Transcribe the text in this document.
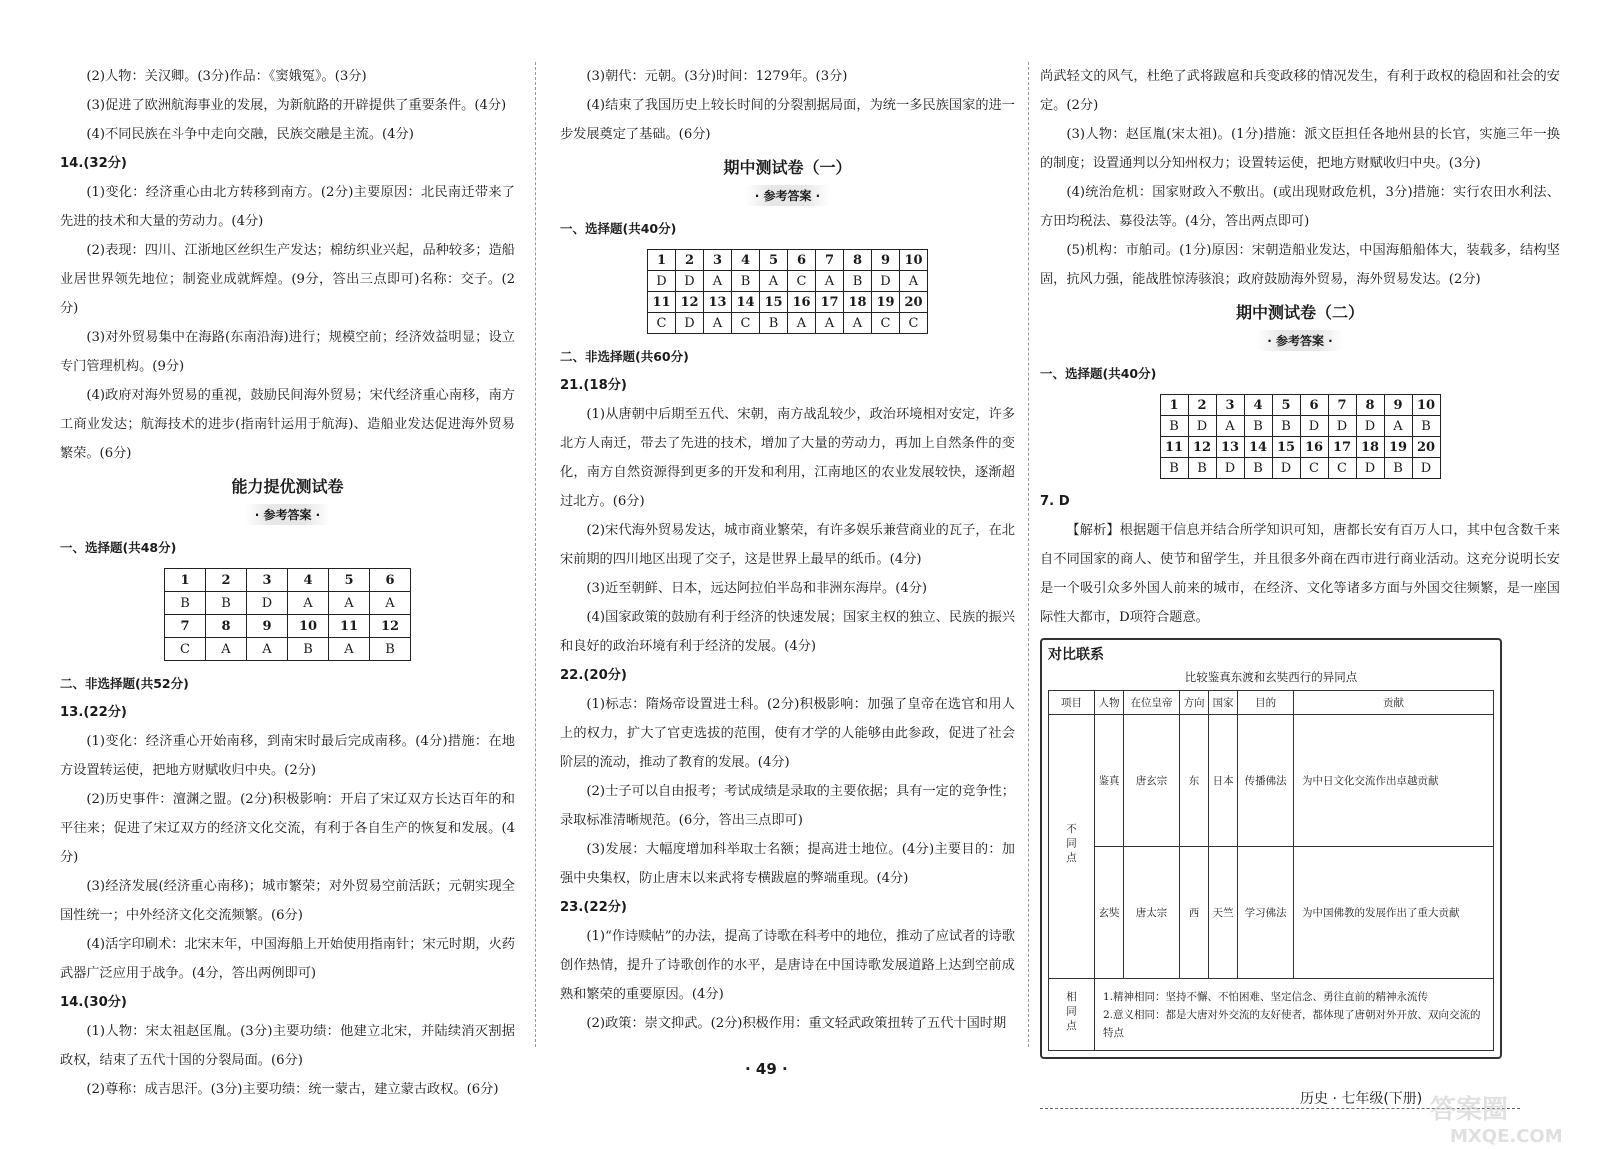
(2)人物：关汉卿。(3分)作品：《窦娥冤》。(3分)
(3)促进了欧洲航海事业的发展，为新航路的开辟提供了重要条件。(4分)
(4)不同民族在斗争中走向交融，民族交融是主流。(4分)
14.(32分)
(1)变化：经济重心由北方转移到南方。(2分)主要原因：北民南迁带来了先进的技术和大量的劳动力。(4分)
(2)表现：四川、江浙地区丝织生产发达；棉纺织业兴起，品种较多；造船业居世界领先地位；制瓷业成就辉煌。(9分，答出三点即可)名称：交子。(2分)
(3)对外贸易集中在海路(东南沿海)进行；规模空前；经济效益明显；设立专门管理机构。(9分)
(4)政府对海外贸易的重视，鼓励民间海外贸易；宋代经济重心南移，南方工商业发达；航海技术的进步(指南针运用于航海)、造船业发达促进海外贸易繁荣。(6分)
能力提优测试卷
· 参考答案 ·
一、选择题(共48分)
1	2	3	4	5	6
B	B	D	A	A	A
7	8	9	10	11	12
C	A	A	B	A	B
二、非选择题(共52分)
13.(22分)
(1)变化：经济重心开始南移，到南宋时最后完成南移。(4分)措施：在地方设置转运使，把地方财赋收归中央。(2分)
(2)历史事件：澶渊之盟。(2分)积极影响：开启了宋辽双方长达百年的和平往来；促进了宋辽双方的经济文化交流，有利于各自生产的恢复和发展。(4分)
(3)经济发展(经济重心南移)；城市繁荣；对外贸易空前活跃；元朝实现全国性统一；中外经济文化交流频繁。(6分)
(4)活字印刷术：北宋末年，中国海船上开始使用指南针；宋元时期，火药武器广泛应用于战争。(4分，答出两例即可)
14.(30分)
(1)人物：宋太祖赵匡胤。(3分)主要功绩：他建立北宋，并陆续消灭割据政权，结束了五代十国的分裂局面。(6分)
(2)尊称：成吉思汗。(3分)主要功绩：统一蒙古，建立蒙古政权。(6分)
(3)朝代：元朝。(3分)时间：1279年。(3分)
(4)结束了我国历史上较长时间的分裂割据局面，为统一多民族国家的进一步发展奠定了基础。(6分)
期中测试卷（一）
· 参考答案 ·
一、选择题(共40分)
1	2	3	4	5	6	7	8	9	10
D	D	A	B	A	C	A	B	D	A
11	12	13	14	15	16	17	18	19	20
C	D	A	C	B	A	A	A	C	C
二、非选择题(共60分)
21.(18分)
(1)从唐朝中后期至五代、宋朝，南方战乱较少，政治环境相对安定，许多北方人南迁，带去了先进的技术，增加了大量的劳动力，再加上自然条件的变化，南方自然资源得到更多的开发和利用，江南地区的农业发展较快，逐渐超过北方。(6分)
(2)宋代海外贸易发达，城市商业繁荣，有许多娱乐兼营商业的瓦子，在北宋前期的四川地区出现了交子，这是世界上最早的纸币。(4分)
(3)近至朝鲜、日本，远达阿拉伯半岛和非洲东海岸。(4分)
(4)国家政策的鼓励有利于经济的快速发展；国家主权的独立、民族的振兴和良好的政治环境有利于经济的发展。(4分)
22.(20分)
(1)标志：隋炀帝设置进士科。(2分)积极影响：加强了皇帝在选官和用人上的权力，扩大了官吏选拔的范围，使有才学的人能够由此参政，促进了社会阶层的流动，推动了教育的发展。(4分)
(2)士子可以自由报考；考试成绩是录取的主要依据；具有一定的竞争性；录取标准清晰规范。(6分，答出三点即可)
(3)发展：大幅度增加科举取士名额；提高进士地位。(4分)主要目的：加强中央集权，防止唐末以来武将专横跋扈的弊端重现。(4分)
23.(22分)
(1)“作诗赎帖”的办法，提高了诗歌在科考中的地位，推动了应试者的诗歌创作热情，提升了诗歌创作的水平，是唐诗在中国诗歌发展道路上达到空前成熟和繁荣的重要原因。(4分)
(2)政策：崇文抑武。(2分)积极作用：重文轻武政策扭转了五代十国时期
尚武轻文的风气，杜绝了武将跋扈和兵变政移的情况发生，有利于政权的稳固和社会的安定。(2分)
(3)人物：赵匡胤(宋太祖)。(1分)措施：派文臣担任各地州县的长官，实施三年一换的制度；设置通判以分知州权力；设置转运使，把地方财赋收归中央。(3分)
(4)统治危机：国家财政入不敷出。(或出现财政危机，3分)措施：实行农田水利法、方田均税法、募役法等。(4分，答出两点即可)
(5)机构：市舶司。(1分)原因：宋朝造船业发达，中国海船船体大，装载多，结构坚固，抗风力强，能战胜惊涛骇浪；政府鼓励海外贸易，海外贸易发达。(2分)
期中测试卷（二）
· 参考答案 ·
一、选择题(共40分)
1	2	3	4	5	6	7	8	9	10
B	D	A	B	B	D	D	D	A	B
11	12	13	14	15	16	17	18	19	20
B	B	D	B	D	C	C	D	B	D
7. D
【解析】根据题干信息并结合所学知识可知，唐都长安有百万人口，其中包含数千来自不同国家的商人、使节和留学生，并且很多外商在西市进行商业活动。这充分说明长安是一个吸引众多外国人前来的城市，在经济、文化等诸多方面与外国交往频繁，是一座国际性大都市，D项符合题意。
对比联系
比较鉴真东渡和玄奘西行的异同点
项目	人物	在位皇帝	方向	国家	目的	贡献
不同点	鉴真	唐玄宗	东	日本	传播佛法	为中日文化交流作出卓越贡献
	玄奘	唐太宗	西	天竺	学习佛法	为中国佛教的发展作出了重大贡献
相同点	1.精神相同：坚持不懈、不怕困难、坚定信念、勇往直前的精神永流传
2.意义相同：都是大唐对外交流的友好使者，都体现了唐朝对外开放、双向交流的特点					
· 49 ·
历史 · 七年级(下册) 答案圈
MXQE.COM
